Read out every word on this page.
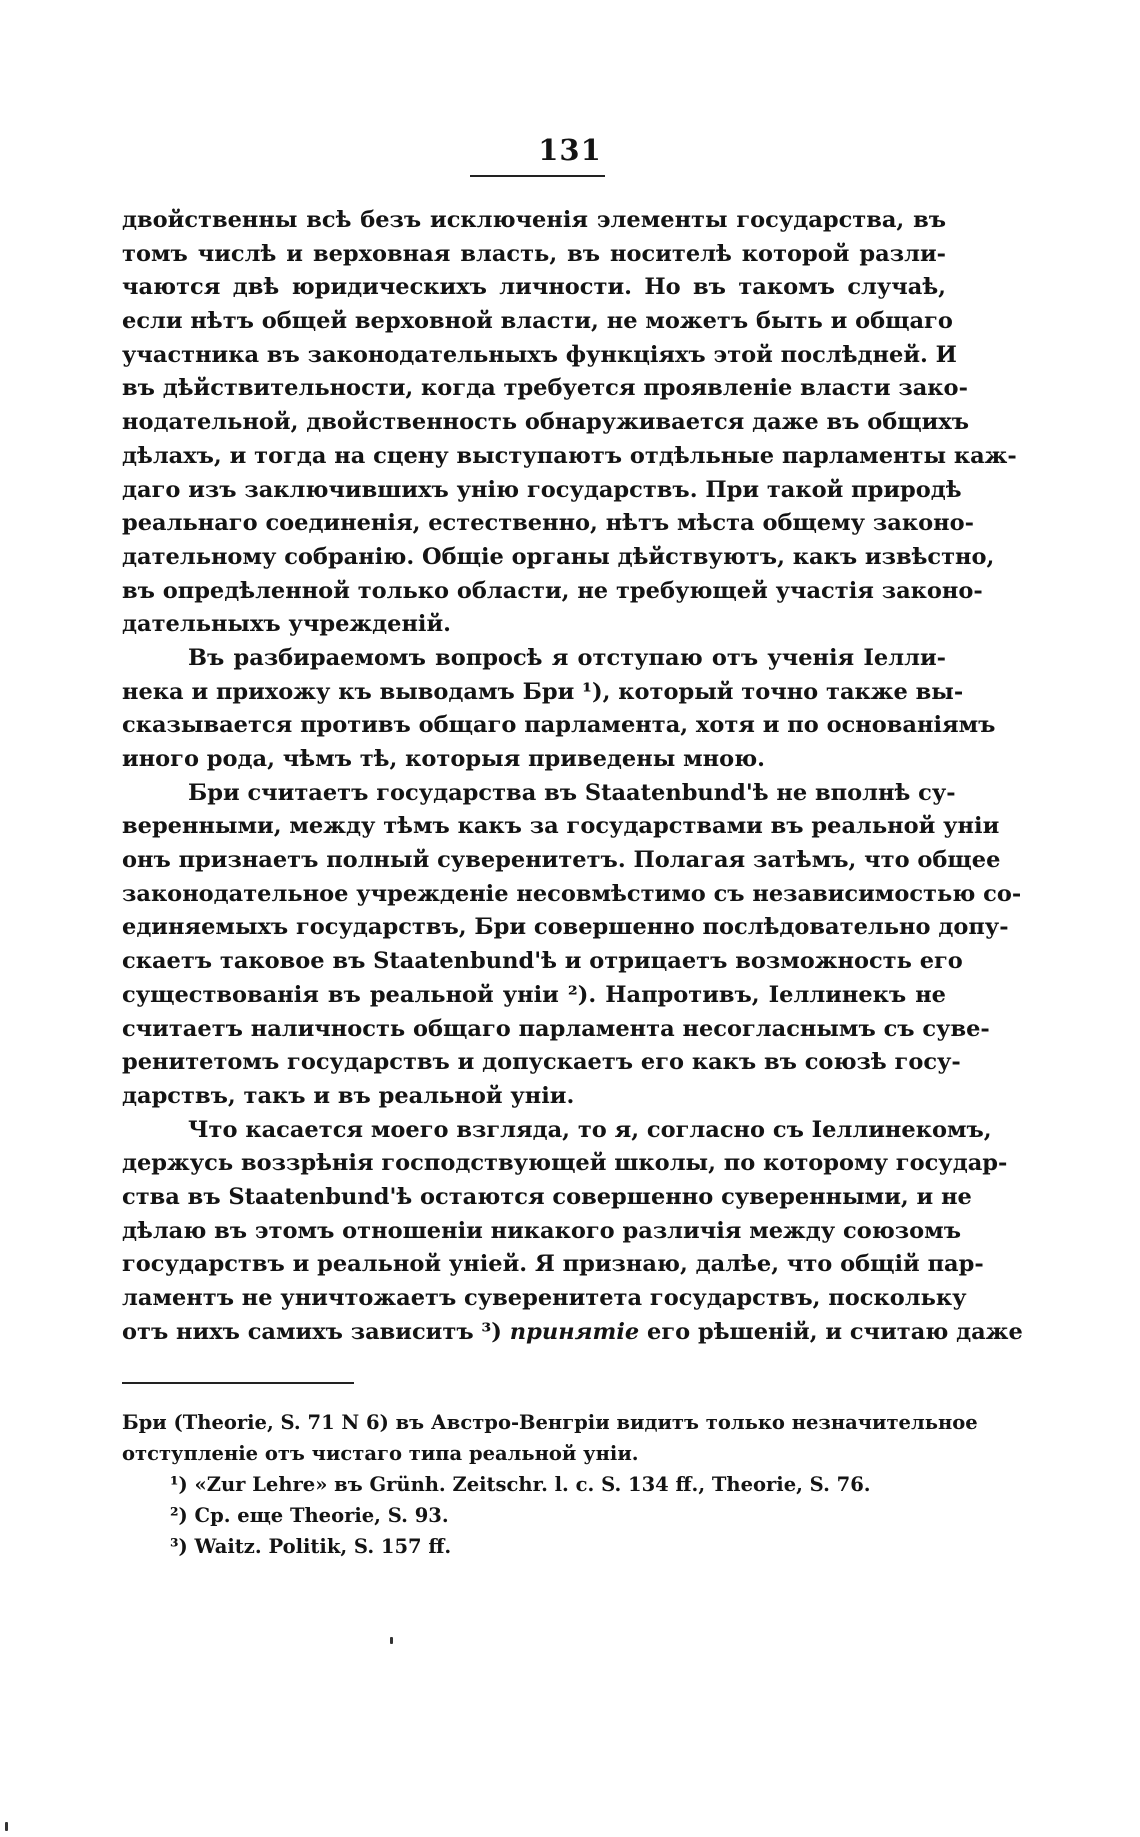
131
двойственны всѣ безъ исключенія элементы государства, въ
томъ числѣ и верховная власть, въ носителѣ которой разли-
чаются двѣ юридическихъ личности. Но въ такомъ случаѣ,
если нѣтъ общей верховной власти, не можетъ быть и общаго
участника въ законодательныхъ функціяхъ этой послѣдней. И
въ дѣйствительности, когда требуется проявленіе власти зако-
нодательной, двойственность обнаруживается даже въ общихъ
дѣлахъ, и тогда на сцену выступаютъ отдѣльные парламенты каж-
даго изъ заключившихъ унію государствъ. При такой природѣ
реальнаго соединенія, естественно, нѣтъ мѣста общему законо-
дательному собранію. Общіе органы дѣйствуютъ, какъ извѣстно,
въ опредѣленной только области, не требующей участія законо-
дательныхъ учрежденій.
Въ разбираемомъ вопросѣ я отступаю отъ ученія Іелли-
нека и прихожу къ выводамъ Бри ¹), который точно также вы-
сказывается противъ общаго парламента, хотя и по основаніямъ
иного рода, чѣмъ тѣ, которыя приведены мною.
Бри считаетъ государства въ Staatenbund'ѣ не вполнѣ су-
веренными, между тѣмъ какъ за государствами въ реальной уніи
онъ признаетъ полный суверенитетъ. Полагая затѣмъ, что общее
законодательное учрежденіе несовмѣстимо съ независимостью со-
единяемыхъ государствъ, Бри совершенно послѣдовательно допу-
скаетъ таковое въ Staatenbund'ѣ и отрицаетъ возможность его
существованія въ реальной уніи ²). Напротивъ, Іеллинекъ не
считаетъ наличность общаго парламента несогласнымъ съ суве-
ренитетомъ государствъ и допускаетъ его какъ въ союзѣ госу-
дарствъ, такъ и въ реальной уніи.
Что касается моего взгляда, то я, согласно съ Іеллинекомъ,
держусь воззрѣнія господствующей школы, по которому государ-
ства въ Staatenbund'ѣ остаются совершенно суверенными, и не
дѣлаю въ этомъ отношеніи никакого различія между союзомъ
государствъ и реальной уніей. Я признаю, далѣе, что общій пар-
ламентъ не уничтожаетъ суверенитета государствъ, поскольку
отъ нихъ самихъ зависитъ ³) принятіе его рѣшеній, и считаю даже
Бри (Theorie, S. 71 N 6) въ Австро-Венгріи видитъ только незначительное
отступленіе отъ чистаго типа реальной уніи.
¹) «Zur Lehre» въ Grünh. Zeitschr. l. c. S. 134 ff., Theorie, S. 76.
²) Ср. еще Theorie, S. 93.
³) Waitz. Politik, S. 157 ff.
